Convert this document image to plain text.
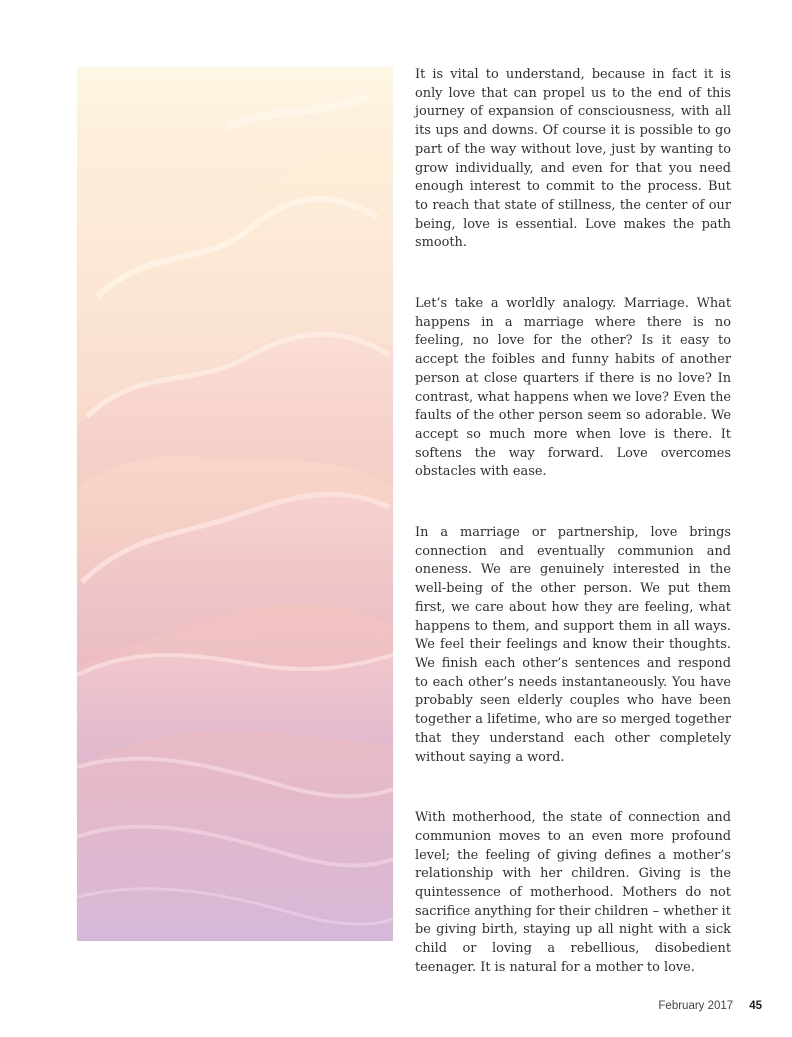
It is vital to understand, because in fact it is only love that can propel us to the end of this journey of expansion of consciousness, with all its ups and downs. Of course it is possible to go part of the way without love, just by wanting to grow individually, and even for that you need enough interest to commit to the process. But to reach that state of stillness, the center of our being, love is essential. Love makes the path smooth.

Let’s take a worldly analogy. Marriage. What happens in a marriage where there is no feeling, no love for the other? Is it easy to accept the foibles and funny habits of another person at close quarters if there is no love? In contrast, what happens when we love? Even the faults of the other person seem so adorable. We accept so much more when love is there. It softens the way forward. Love overcomes obstacles with ease.

In a marriage or partnership, love brings connection and eventually communion and oneness. We are genuinely interested in the well-being of the other person. We put them first, we care about how they are feeling, what happens to them, and support them in all ways. We feel their feelings and know their thoughts. We finish each other’s sentences and respond to each other’s needs instantaneously. You have probably seen elderly couples who have been together a lifetime, who are so merged together that they understand each other completely without saying a word.

With motherhood, the state of connection and communion moves to an even more profound level; the feeling of giving defines a mother’s relationship with her children. Giving is the quintessence of motherhood. Mothers do not sacrifice anything for their children – whether it be giving birth, staying up all night with a sick child or loving a rebellious, disobedient teenager. It is natural for a mother to love.

February 2017 45
